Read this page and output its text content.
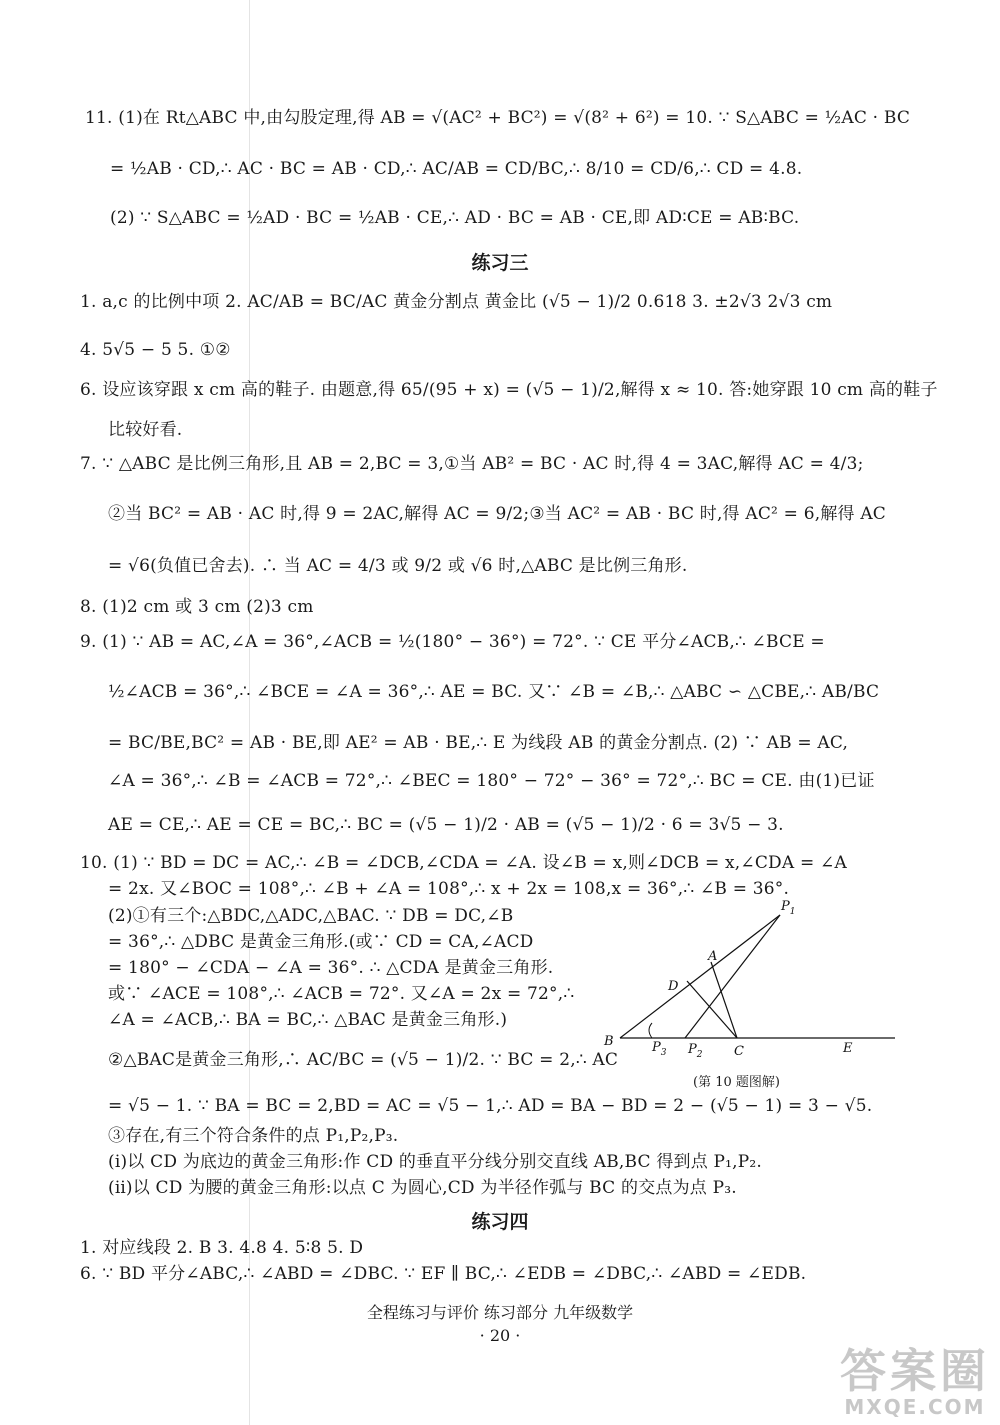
11. (1)在 Rt△ABC 中,由勾股定理,得 AB = √(AC² + BC²) = √(8² + 6²) = 10. ∵ S△ABC = ½AC · BC
= ½AB · CD,∴ AC · BC = AB · CD,∴ AC/AB = CD/BC,∴ 8/10 = CD/6,∴ CD = 4.8.
(2) ∵ S△ABC = ½AD · BC = ½AB · CE,∴ AD · BC = AB · CE,即 AD∶CE = AB∶BC.
练习三
1. a,c 的比例中项 2. AC/AB = BC/AC 黄金分割点 黄金比 (√5 − 1)/2 0.618 3. ±2√3 2√3 cm
4. 5√5 − 5 5. ①②
6. 设应该穿跟 x cm 高的鞋子. 由题意,得 65/(95 + x) = (√5 − 1)/2,解得 x ≈ 10. 答:她穿跟 10 cm 高的鞋子
比较好看.
7. ∵ △ABC 是比例三角形,且 AB = 2,BC = 3,①当 AB² = BC · AC 时,得 4 = 3AC,解得 AC = 4/3;
②当 BC² = AB · AC 时,得 9 = 2AC,解得 AC = 9/2;③当 AC² = AB · BC 时,得 AC² = 6,解得 AC
= √6(负值已舍去). ∴ 当 AC = 4/3 或 9/2 或 √6 时,△ABC 是比例三角形.
8. (1)2 cm 或 3 cm (2)3 cm
9. (1) ∵ AB = AC,∠A = 36°,∠ACB = ½(180° − 36°) = 72°. ∵ CE 平分∠ACB,∴ ∠BCE =
½∠ACB = 36°,∴ ∠BCE = ∠A = 36°,∴ AE = BC. 又∵ ∠B = ∠B,∴ △ABC ∽ △CBE,∴ AB/BC
= BC/BE,BC² = AB · BE,即 AE² = AB · BE,∴ E 为线段 AB 的黄金分割点. (2) ∵ AB = AC,
∠A = 36°,∴ ∠B = ∠ACB = 72°,∴ ∠BEC = 180° − 72° − 36° = 72°,∴ BC = CE. 由(1)已证
AE = CE,∴ AE = CE = BC,∴ BC = (√5 − 1)/2 · AB = (√5 − 1)/2 · 6 = 3√5 − 3.
10. (1) ∵ BD = DC = AC,∴ ∠B = ∠DCB,∠CDA = ∠A. 设∠B = x,则∠DCB = x,∠CDA = ∠A
= 2x. 又∠BOC = 108°,∴ ∠B + ∠A = 108°,∴ x + 2x = 108,x = 36°,∴ ∠B = 36°.
(2)①有三个:△BDC,△ADC,△BAC. ∵ DB = DC,∠B
= 36°,∴ △DBC 是黄金三角形.(或∵ CD = CA,∠ACD
= 180° − ∠CDA − ∠A = 36°. ∴ △CDA 是黄金三角形.
或∵ ∠ACE = 108°,∴ ∠ACB = 72°. 又∠A = 2x = 72°,∴
∠A = ∠ACB,∴ BA = BC,∴ △BAC 是黄金三角形.)
②△BAC是黄金三角形,∴ AC/BC = (√5 − 1)/2. ∵ BC = 2,∴ AC
= √5 − 1. ∵ BA = BC = 2,BD = AC = √5 − 1,∴ AD = BA − BD = 2 − (√5 − 1) = 3 − √5.
③存在,有三个符合条件的点 P₁,P₂,P₃.
(ⅰ)以 CD 为底边的黄金三角形:作 CD 的垂直平分线分别交直线 AB,BC 得到点 P₁,P₂.
(ⅱ)以 CD 为腰的黄金三角形:以点 C 为圆心,CD 为半径作弧与 BC 的交点为点 P₃.
$P_1$
A
D
B	$P_3$ $P_2$ C	E
(第 10 题图解)
练习四
1. 对应线段 2. B 3. 4.8 4. 5∶8 5. D
6. ∵ BD 平分∠ABC,∴ ∠ABD = ∠DBC. ∵ EF ∥ BC,∴ ∠EDB = ∠DBC,∴ ∠ABD = ∠EDB.
全程练习与评价 练习部分 九年级数学
· 20 ·
答案圈
MXQE.COM
